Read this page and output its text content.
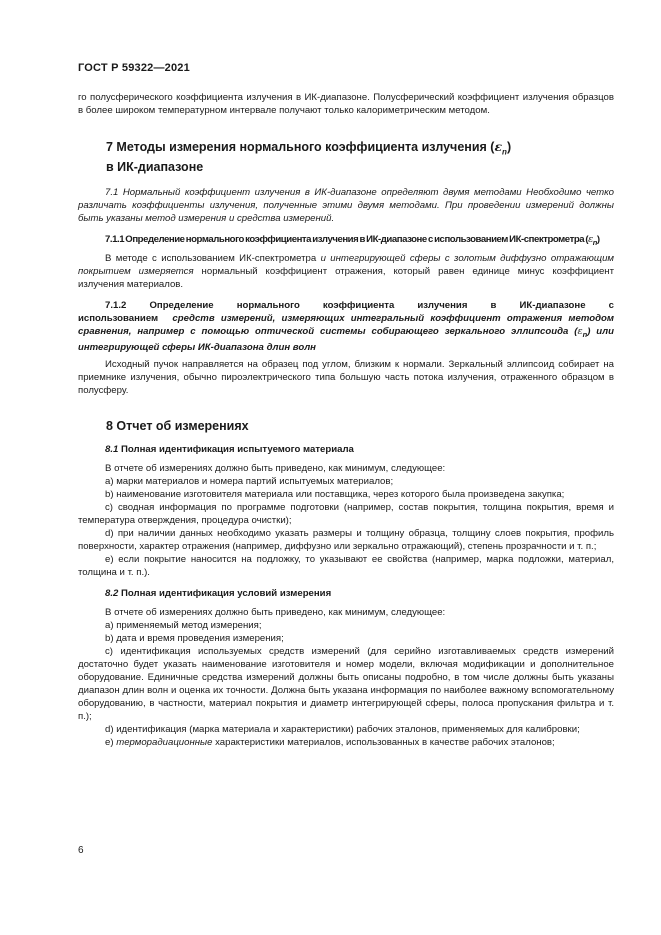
ГОСТ Р 59322—2021

го полусферического коэффициента излучения в ИК-диапазоне. Полусферический коэффициент излучения образцов в более широком температурном интервале получают только калориметрическим методом.

7 Методы измерения нормального коэффициента излучения $(\varepsilon_n)$
в ИК-диапазоне

7.1 Нормальный коэффициент излучения в ИК-диапазоне определяют двумя методами Необходимо четко различать коэффициенты излучения, полученные этими двумя методами. При проведении измерений должны быть указаны метод измерения и средства измерений.

7.1.1 Определение нормального коэффициента излучения в ИК-диапазоне с использованием ИК-спектрометра $(\varepsilon_n)$

В методе с использованием ИК-спектрометра и интегрирующей сферы с золотым диффузно отражающим покрытием измеряется нормальный коэффициент отражения, который равен единице минус коэффициент излучения материалов.

7.1.2 Определение нормального коэффициента излучения в ИК-диапазоне с использованием средств измерений, измеряющих интегральный коэффициент отражения методом сравнения, например с помощью оптической системы собирающего зеркального эллипсоида $(\varepsilon_n)$ или интегрирующей сферы ИК-диапазона длин волн

Исходный пучок направляется на образец под углом, близким к нормали. Зеркальный эллипсоид собирает на приемнике излучения, обычно пироэлектрического типа большую часть потока излучения, отраженного образцом в полусферу.

8 Отчет об измерениях

8.1 Полная идентификация испытуемого материала

В отчете об измерениях должно быть приведено, как минимум, следующее:

а) марки материалов и номера партий испытуемых материалов;

b) наименование изготовителя материала или поставщика, через которого была произведена закупка;

c) сводная информация по программе подготовки (например, состав покрытия, толщина покрытия, время и температура отверждения, процедура очистки);

d) при наличии данных необходимо указать размеры и толщину образца, толщину слоев покрытия, профиль поверхности, характер отражения (например, диффузно или зеркально отражающий), степень прозрачности и т. п.;

e) если покрытие наносится на подложку, то указывают ее свойства (например, марка подложки, материал, толщина и т. п.).

8.2 Полная идентификация условий измерения

В отчете об измерениях должно быть приведено, как минимум, следующее:

а) применяемый метод измерения;

b) дата и время проведения измерения;

c) идентификация используемых средств измерений (для серийно изготавливаемых средств измерений достаточно будет указать наименование изготовителя и номер модели, включая модификации и дополнительное оборудование. Единичные средства измерений должны быть описаны подробно, в том числе должны быть указаны диапазон длин волн и оценка их точности. Должна быть указана информация по наиболее важному вспомогательному оборудованию, в частности, материал покрытия и диаметр интегрирующей сферы, полоса пропускания фильтра и т. п.);

d) идентификация (марка материала и характеристики) рабочих эталонов, применяемых для калибровки;

e) терморадиационные характеристики материалов, использованных в качестве рабочих эталонов;

6
